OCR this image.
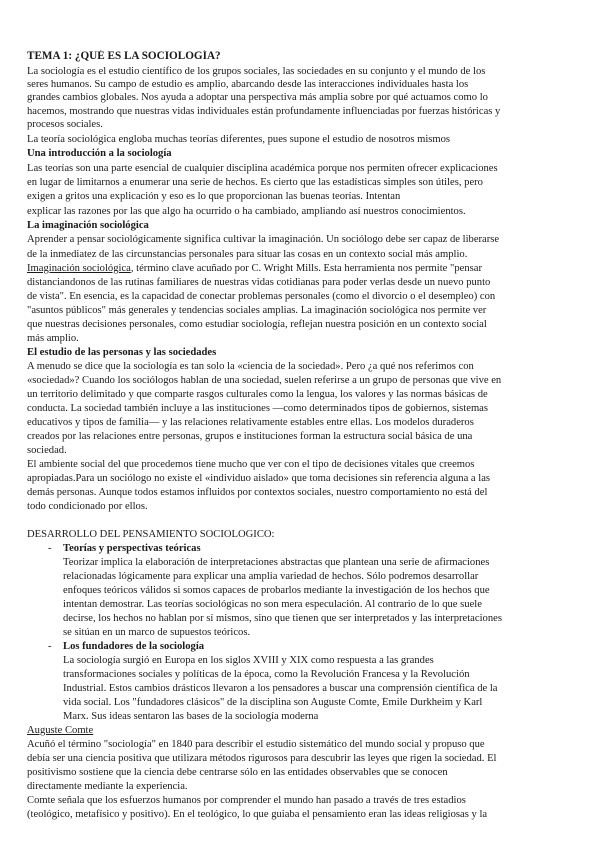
TEMA 1: ¿QUÉ ES LA SOCIOLOGÍA?
La sociología es el estudio científico de los grupos sociales, las sociedades en su conjunto y el mundo de los
seres humanos. Su campo de estudio es amplio, abarcando desde las interacciones individuales hasta los
grandes cambios globales. Nos ayuda a adoptar una perspectiva más amplia sobre por qué actuamos como lo
hacemos, mostrando que nuestras vidas individuales están profundamente influenciadas por fuerzas históricas y
procesos sociales.
La teoría sociológica engloba muchas teorías diferentes, pues supone el estudio de nosotros mismos
Una introducción a la sociología
Las teorías son una parte esencial de cualquier disciplina académica porque nos permiten ofrecer explicaciones
en lugar de limitarnos a enumerar una serie de hechos. Es cierto que las estadísticas simples son útiles, pero
exigen a gritos una explicación y eso es lo que proporcionan las buenas teorías. Intentan
explicar las razones por las que algo ha ocurrido o ha cambiado, ampliando así nuestros conocimientos.
La imaginación sociológica
Aprender a pensar sociológicamente significa cultivar la imaginación. Un sociólogo debe ser capaz de liberarse
de la inmediatez de las circunstancias personales para situar las cosas en un contexto social más amplio.
Imaginación sociológica, término clave acuñado por C. Wright Mills. Esta herramienta nos permite "pensar
distanciandonos de las rutinas familiares de nuestras vidas cotidianas para poder verlas desde un nuevo punto
de vista". En esencia, es la capacidad de conectar problemas personales (como el divorcio o el desempleo) con
"asuntos públicos" más generales y tendencias sociales amplias. La imaginación sociológica nos permite ver
que nuestras decisiones personales, como estudiar sociología, reflejan nuestra posición en un contexto social
más amplio.
El estudio de las personas y las sociedades
A menudo se dice que la sociología es tan solo la «ciencia de la sociedad». Pero ¿a qué nos referimos con
«sociedad»? Cuando los sociólogos hablan de una sociedad, suelen referirse a un grupo de personas que vive en
un territorio delimitado y que comparte rasgos culturales como la lengua, los valores y las normas básicas de
conducta. La sociedad también incluye a las instituciones —como determinados tipos de gobiernos, sistemas
educativos y tipos de familia— y las relaciones relativamente estables entre ellas. Los modelos duraderos
creados por las relaciones entre personas, grupos e instituciones forman la estructura social básica de una
sociedad.
El ambiente social del que procedemos tiene mucho que ver con el tipo de decisiones vitales que creemos
apropiadas.Para un sociólogo no existe el «individuo aislado» que toma decisiones sin referencia alguna a las
demás personas. Aunque todos estamos influidos por contextos sociales, nuestro comportamiento no está del
todo condicionado por ellos.
DESARROLLO DEL PENSAMIENTO SOCIOLÓGICO:
- Teorías y perspectivas teóricas
Teorizar implica la elaboración de interpretaciones abstractas que plantean una serie de afirmaciones
relacionadas lógicamente para explicar una amplia variedad de hechos. Sólo podremos desarrollar
enfoques teóricos válidos si somos capaces de probarlos mediante la investigación de los hechos que
intentan demostrar. Las teorías sociológicas no son mera especulación. Al contrario de lo que suele
decirse, los hechos no hablan por sí mismos, sino que tienen que ser interpretados y las interpretaciones
se sitúan en un marco de supuestos teóricos.
- Los fundadores de la sociología
La sociología surgió en Europa en los siglos XVIII y XIX como respuesta a las grandes
transformaciones sociales y políticas de la época, como la Revolución Francesa y la Revolución
Industrial. Estos cambios drásticos llevaron a los pensadores a buscar una comprensión científica de la
vida social. Los "fundadores clásicos" de la disciplina son Auguste Comte, Émile Durkheim y Karl
Marx. Sus ideas sentaron las bases de la sociología moderna
Auguste Comte
Acuñó el término "sociología" en 1840 para describir el estudio sistemático del mundo social y propuso que
debía ser una ciencia positiva que utilizara métodos rigurosos para descubrir las leyes que rigen la sociedad. El
positivismo sostiene que la ciencia debe centrarse sólo en las entidades observables que se conocen
directamente mediante la experiencia.
Comte señala que los esfuerzos humanos por comprender el mundo han pasado a través de tres estadios
(teológico, metafísico y positivo). En el teológico, lo que guiaba el pensamiento eran las ideas religiosas y la
